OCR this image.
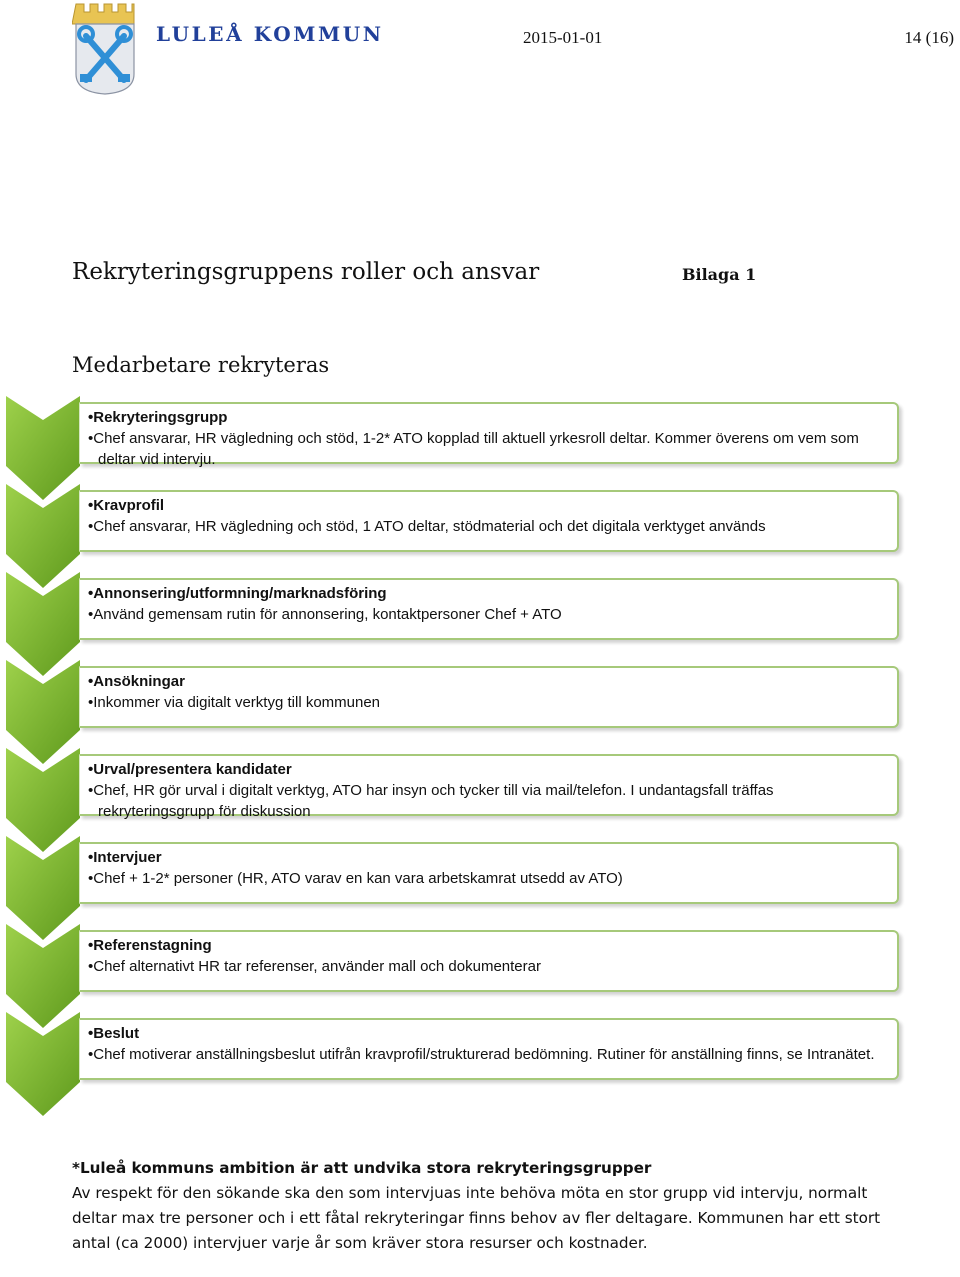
LULEÅ KOMMUN	2015-01-01	14 (16)
Rekryteringsgruppens roller och ansvar	Bilaga 1
Medarbetare rekryteras

•Rekryteringsgrupp

•Chef ansvarar, HR vägledning och stöd, 1-2* ATO kopplad till aktuell yrkesroll deltar. Kommer överens om vem som deltar vid intervju.

•Kravprofil

•Chef ansvarar, HR vägledning och stöd, 1 ATO deltar, stödmaterial och det digitala verktyget används

•Annonsering/utformning/marknadsföring

•Använd gemensam rutin för annonsering, kontaktpersoner Chef + ATO

•Ansökningar

•Inkommer via digitalt verktyg till kommunen

•Urval/presentera kandidater

•Chef, HR gör urval i digitalt verktyg, ATO har insyn och tycker till via mail/telefon. I undantagsfall träffas rekryteringsgrupp för diskussion

•Intervjuer

•Chef + 1-2* personer (HR, ATO varav en kan vara arbetskamrat utsedd av ATO)

•Referenstagning

•Chef alternativt HR tar referenser, använder mall och dokumenterar

•Beslut

•Chef motiverar anställningsbeslut utifrån kravprofil/strukturerad bedömning. Rutiner för anställning finns, se Intranätet.

*Luleå kommuns ambition är att undvika stora rekryteringsgrupper
Av respekt för den sökande ska den som intervjuas inte behöva möta en stor grupp vid intervju, normalt deltar max tre personer och i ett fåtal rekryteringar finns behov av fler deltagare. Kommunen har ett stort antal (ca 2000) intervjuer varje år som kräver stora resurser och kostnader.
